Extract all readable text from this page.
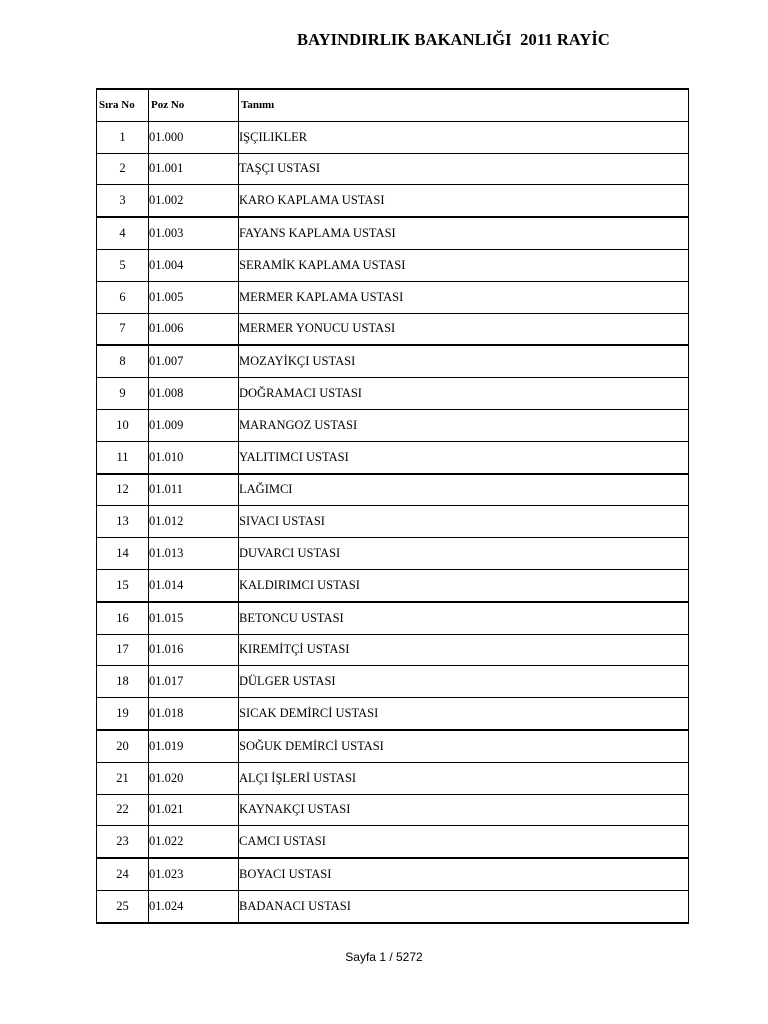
BAYINDIRLIK BAKANLIĞI  2011 RAYİC
Sıra No	Poz No	Tanımı
1	01.000	IŞÇILIKLER
2	01.001	TAŞÇI USTASI
3	01.002	KARO KAPLAMA USTASI
4	01.003	FAYANS KAPLAMA USTASI
5	01.004	SERAMİK KAPLAMA USTASI
6	01.005	MERMER KAPLAMA USTASI
7	01.006	MERMER YONUCU USTASI
8	01.007	MOZAYİKÇI USTASI
9	01.008	DOĞRAMACI USTASI
10	01.009	MARANGOZ USTASI
11	01.010	YALITIMCI USTASI
12	01.011	LAĞIMCI
13	01.012	SIVACI USTASI
14	01.013	DUVARCI USTASI
15	01.014	KALDIRIMCI USTASI
16	01.015	BETONCU USTASI
17	01.016	KIREMİTÇİ USTASI
18	01.017	DÜLGER USTASI
19	01.018	SICAK DEMİRCİ USTASI
20	01.019	SOĞUK DEMİRCİ USTASI
21	01.020	ALÇI İŞLERİ USTASI
22	01.021	KAYNAKÇI USTASI
23	01.022	CAMCI USTASI
24	01.023	BOYACI USTASI
25	01.024	BADANACI USTASI
Sayfa 1 / 5272
